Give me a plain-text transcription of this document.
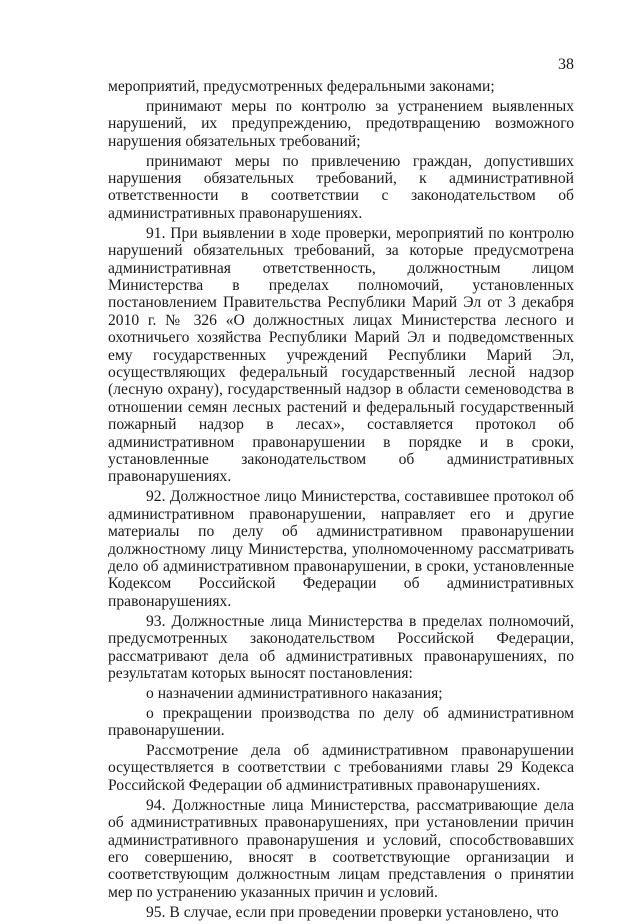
38

мероприятий, предусмотренных федеральными законами;

принимают меры по контролю за устранением выявленных нарушений, их предупреждению, предотвращению возможного нарушения обязательных требований;

принимают меры по привлечению граждан, допустивших нарушения обязательных требований, к административной ответственности в соответствии с законодательством об административных правонарушениях.

91. При выявлении в ходе проверки, мероприятий по контролю нарушений обязательных требований, за которые предусмотрена административная ответственность, должностным лицом Министерства в пределах полномочий, установленных постановлением Правительства Республики Марий Эл от 3 декабря 2010 г. № 326 «О должностных лицах Министерства лесного и охотничьего хозяйства Республики Марий Эл и подведомственных ему государственных учреждений Республики Марий Эл, осуществляющих федеральный государственный лесной надзор (лесную охрану), государственный надзор в области семеноводства в отношении семян лесных растений и федеральный государственный пожарный надзор в лесах», составляется протокол об административном правонарушении в порядке и в сроки, установленные законодательством об административных правонарушениях.

92. Должностное лицо Министерства, составившее протокол об административном правонарушении, направляет его и другие материалы по делу об административном правонарушении должностному лицу Министерства, уполномоченному рассматривать дело об административном правонарушении, в сроки, установленные Кодексом Российской Федерации об административных правонарушениях.

93. Должностные лица Министерства в пределах полномочий, предусмотренных законодательством Российской Федерации, рассматривают дела об административных правонарушениях, по результатам которых выносят постановления:

о назначении административного наказания;

о прекращении производства по делу об административном правонарушении.

Рассмотрение дела об административном правонарушении осуществляется в соответствии с требованиями главы 29 Кодекса Российской Федерации об административных правонарушениях.

94. Должностные лица Министерства, рассматривающие дела об административных правонарушениях, при установлении причин административного правонарушения и условий, способствовавших его совершению, вносят в соответствующие организации и соответствующим должностным лицам представления о принятии мер по устранению указанных причин и условий.

95. В случае, если при проведении проверки установлено, что
